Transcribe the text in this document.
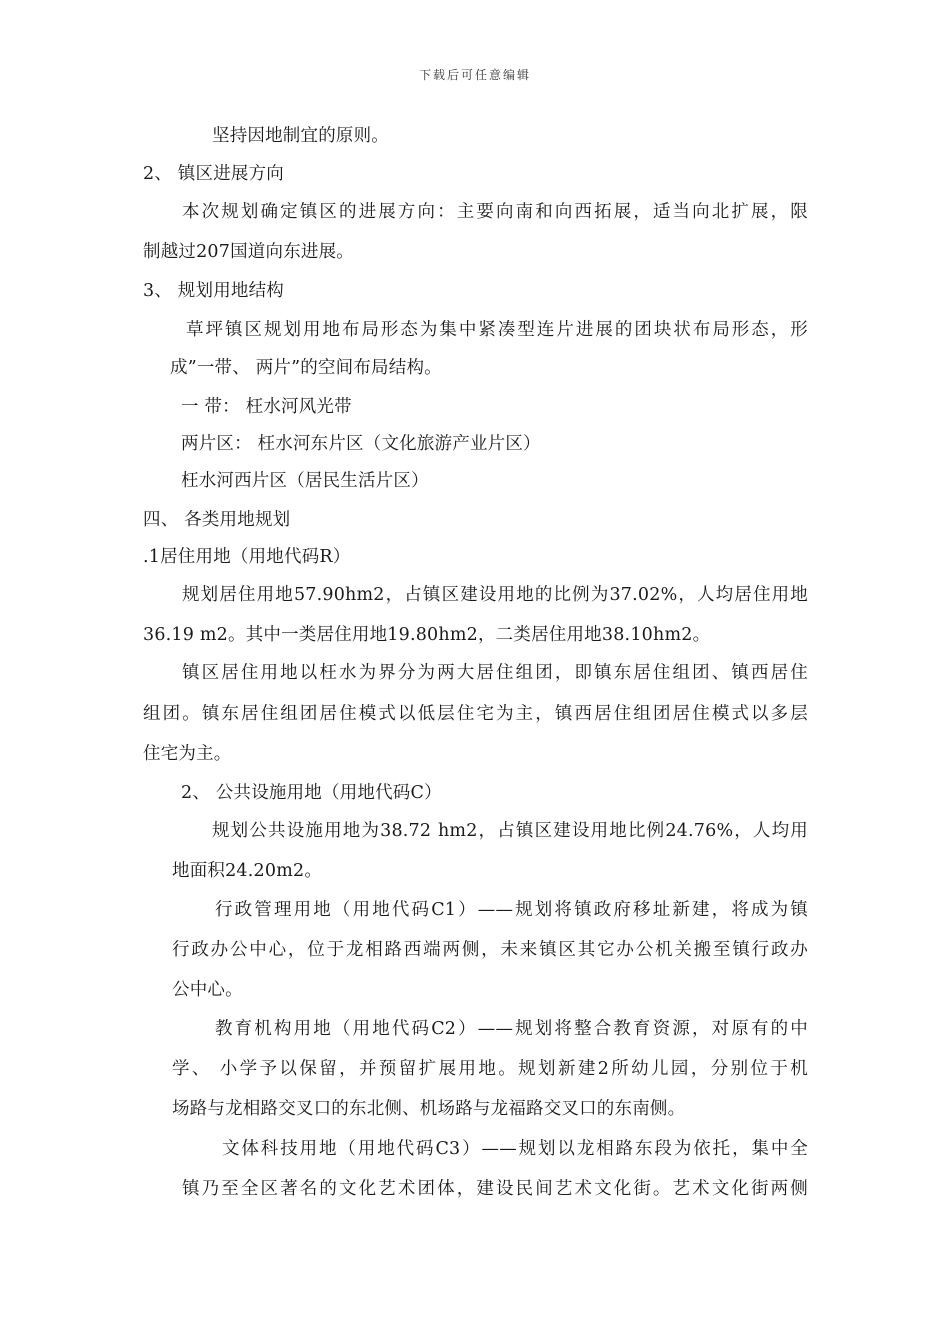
下载后可任意编辑
坚持因地制宜的原则。
2、 镇区进展方向
本次规划确定镇区的进展方向：主要向南和向西拓展，适当向北扩展，限
制越过207国道向东进展。
3、 规划用地结构
草坪镇区规划用地布局形态为集中紧凑型连片进展的团块状布局形态，形
成”一带、 两片”的空间布局结构。
一 带： 枉水河风光带
两片区： 枉水河东片区（文化旅游产业片区）
枉水河西片区（居民生活片区）
四、 各类用地规划
.1居住用地（用地代码R）
规划居住用地57.90hm2，占镇区建设用地的比例为37.02%，人均居住用地
36.19 m2。其中一类居住用地19.80hm2，二类居住用地38.10hm2。
镇区居住用地以枉水为界分为两大居住组团，即镇东居住组团、镇西居住
组团。镇东居住组团居住模式以低层住宅为主，镇西居住组团居住模式以多层
住宅为主。
2、 公共设施用地（用地代码C）
规划公共设施用地为38.72 hm2，占镇区建设用地比例24.76%，人均用
地面积24.20m2。
行政管理用地（用地代码C1）——规划将镇政府移址新建，将成为镇
行政办公中心，位于龙相路西端两侧，未来镇区其它办公机关搬至镇行政办
公中心。
教育机构用地（用地代码C2）——规划将整合教育资源，对原有的中
学、 小学予以保留，并预留扩展用地。规划新建2所幼儿园，分别位于机
场路与龙相路交叉口的东北侧、机场路与龙福路交叉口的东南侧。
文体科技用地（用地代码C3）——规划以龙相路东段为依托，集中全
镇乃至全区著名的文化艺术团体，建设民间艺术文化街。艺术文化街两侧
